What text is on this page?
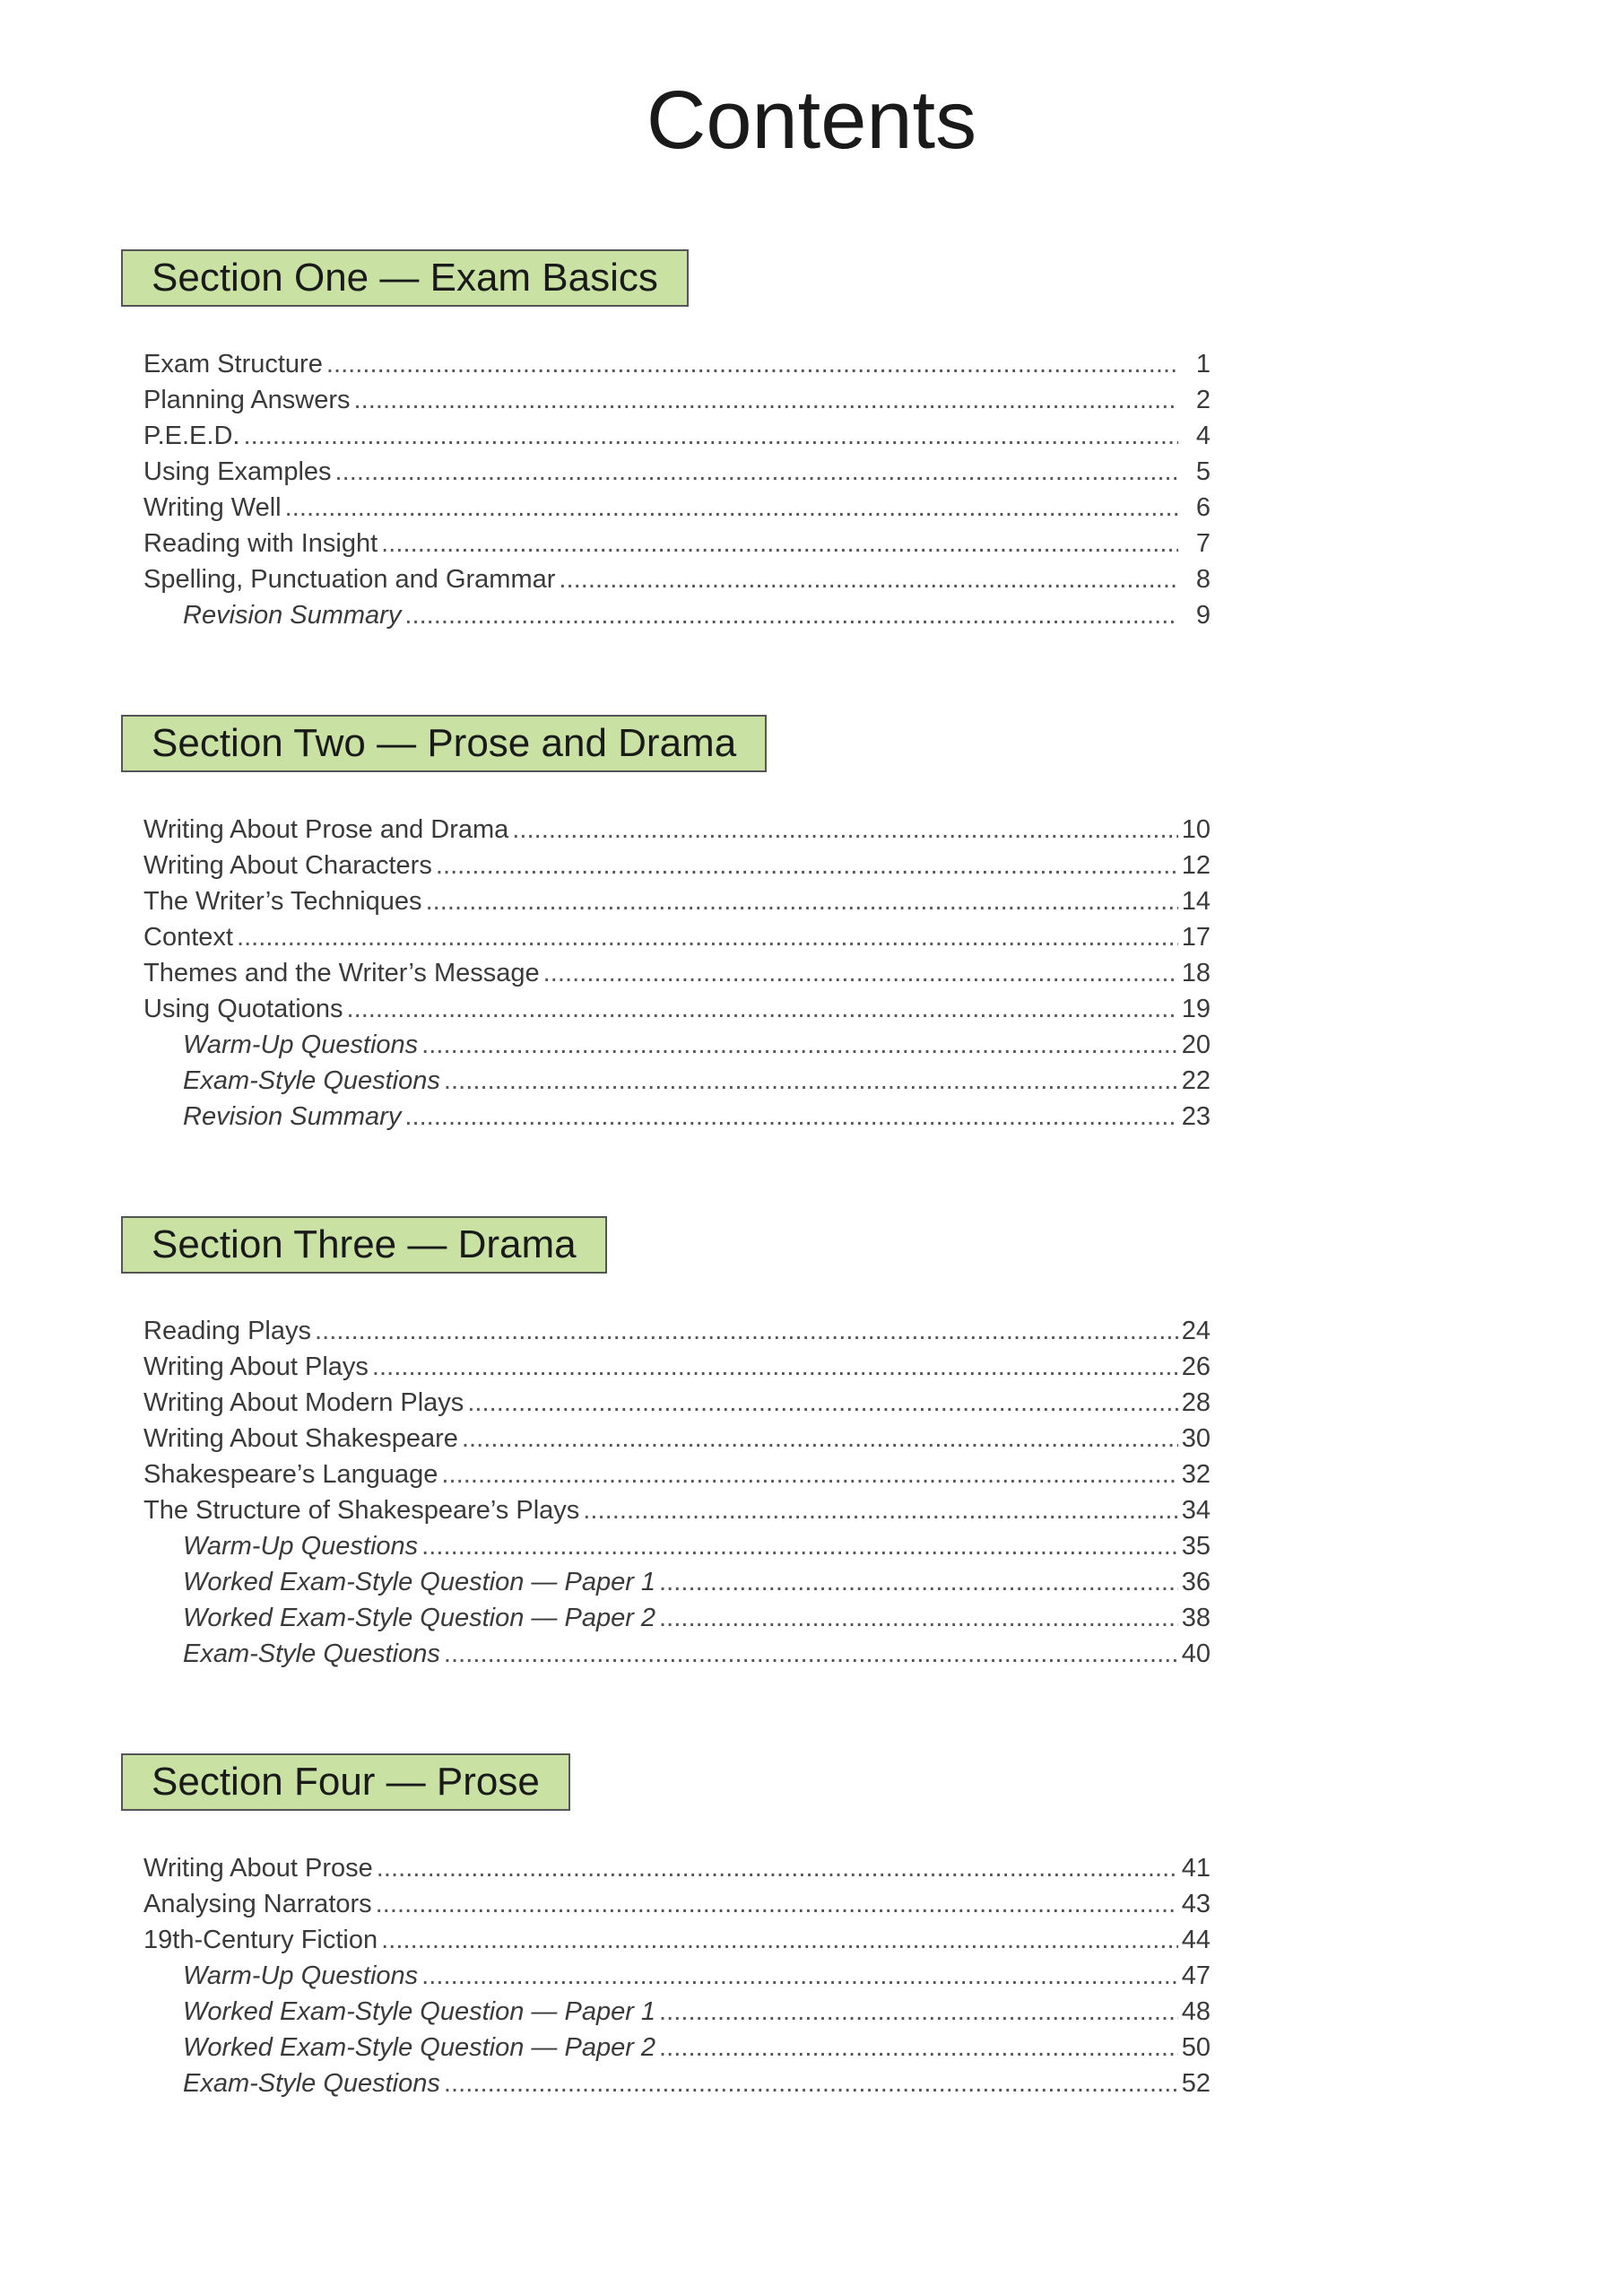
Contents
Section One — Exam Basics
Exam Structure . . .	1
Planning Answers . . .	2
P.E.E.D. . . .	4
Using Examples . . .	5
Writing Well . . .	6
Reading with Insight . . .	7
Spelling, Punctuation and Grammar . . .	8
Revision Summary . . .	9
Section Two — Prose and Drama
Writing About Prose and Drama . . .	10
Writing About Characters . . .	12
The Writer’s Techniques . . .	14
Context . . .	17
Themes and the Writer’s Message . . .	18
Using Quotations . . .	19
Warm-Up Questions . . .	20
Exam-Style Questions . . .	22
Revision Summary . . .	23
Section Three — Drama
Reading Plays . . .	24
Writing About Plays . . .	26
Writing About Modern Plays . . .	28
Writing About Shakespeare . . .	30
Shakespeare’s Language . . .	32
The Structure of Shakespeare’s Plays . . .	34
Warm-Up Questions . . .	35
Worked Exam-Style Question — Paper 1 . . .	36
Worked Exam-Style Question — Paper 2 . . .	38
Exam-Style Questions . . .	40
Section Four — Prose
Writing About Prose . . .	41
Analysing Narrators . . .	43
19th-Century Fiction . . .	44
Warm-Up Questions . . .	47
Worked Exam-Style Question — Paper 1 . . .	48
Worked Exam-Style Question — Paper 2 . . .	50
Exam-Style Questions . . .	52
